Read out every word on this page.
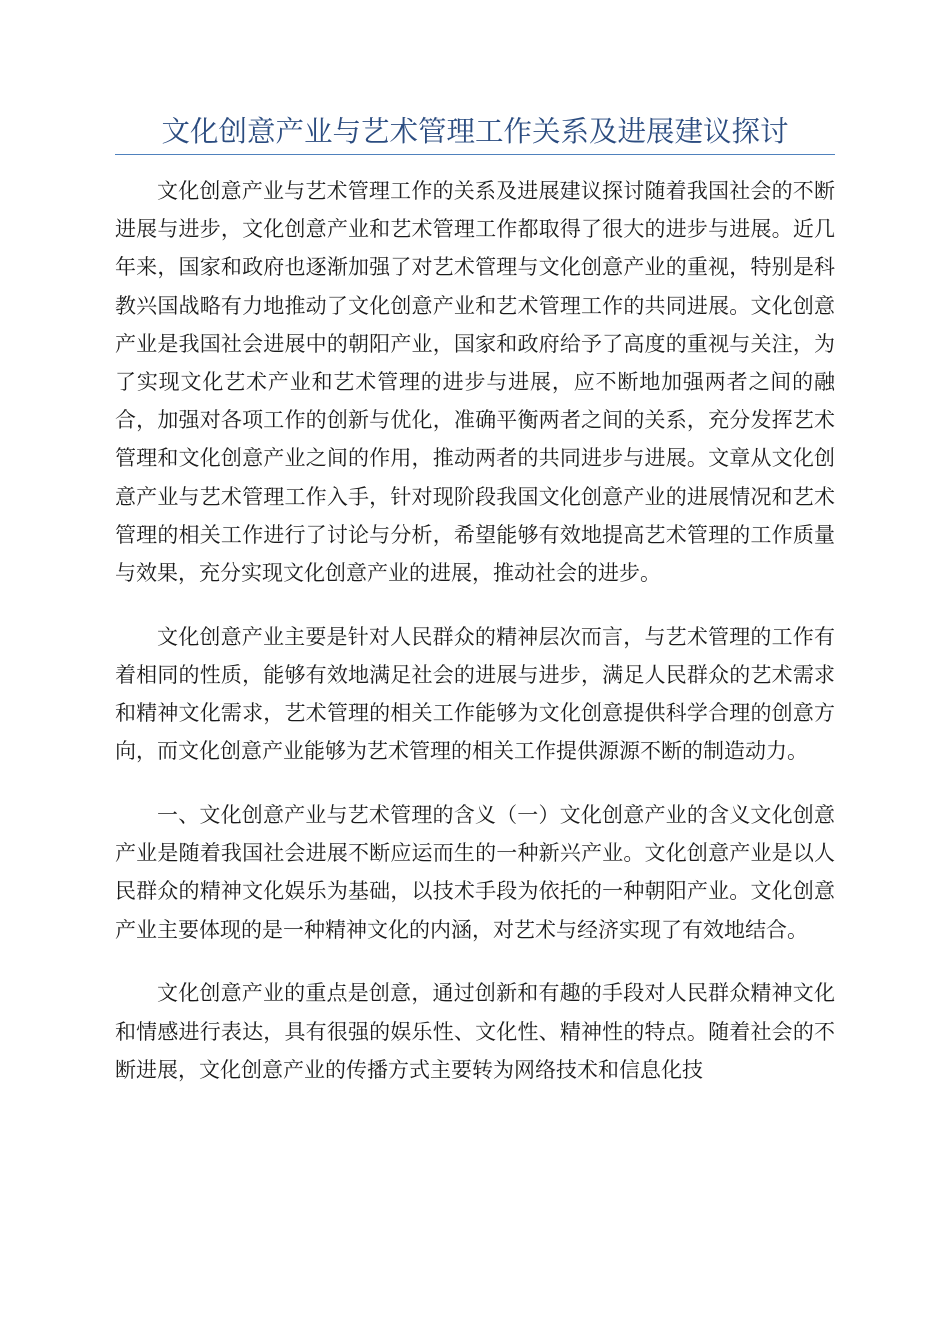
文化创意产业与艺术管理工作关系及进展建议探讨

文化创意产业与艺术管理工作的关系及进展建议探讨随着我国社会的不断进展与进步，文化创意产业和艺术管理工作都取得了很大的进步与进展。近几年来，国家和政府也逐渐加强了对艺术管理与文化创意产业的重视，特别是科教兴国战略有力地推动了文化创意产业和艺术管理工作的共同进展。文化创意产业是我国社会进展中的朝阳产业，国家和政府给予了高度的重视与关注，为了实现文化艺术产业和艺术管理的进步与进展，应不断地加强两者之间的融合，加强对各项工作的创新与优化，准确平衡两者之间的关系，充分发挥艺术管理和文化创意产业之间的作用，推动两者的共同进步与进展。文章从文化创意产业与艺术管理工作入手，针对现阶段我国文化创意产业的进展情况和艺术管理的相关工作进行了讨论与分析，希望能够有效地提高艺术管理的工作质量与效果，充分实现文化创意产业的进展，推动社会的进步。

文化创意产业主要是针对人民群众的精神层次而言，与艺术管理的工作有着相同的性质，能够有效地满足社会的进展与进步，满足人民群众的艺术需求和精神文化需求，艺术管理的相关工作能够为文化创意提供科学合理的创意方向，而文化创意产业能够为艺术管理的相关工作提供源源不断的制造动力。

一、文化创意产业与艺术管理的含义（一）文化创意产业的含义文化创意产业是随着我国社会进展不断应运而生的一种新兴产业。文化创意产业是以人民群众的精神文化娱乐为基础，以技术手段为依托的一种朝阳产业。文化创意产业主要体现的是一种精神文化的内涵，对艺术与经济实现了有效地结合。

文化创意产业的重点是创意，通过创新和有趣的手段对人民群众精神文化和情感进行表达，具有很强的娱乐性、文化性、精神性的特点。随着社会的不断进展，文化创意产业的传播方式主要转为网络技术和信息化技
